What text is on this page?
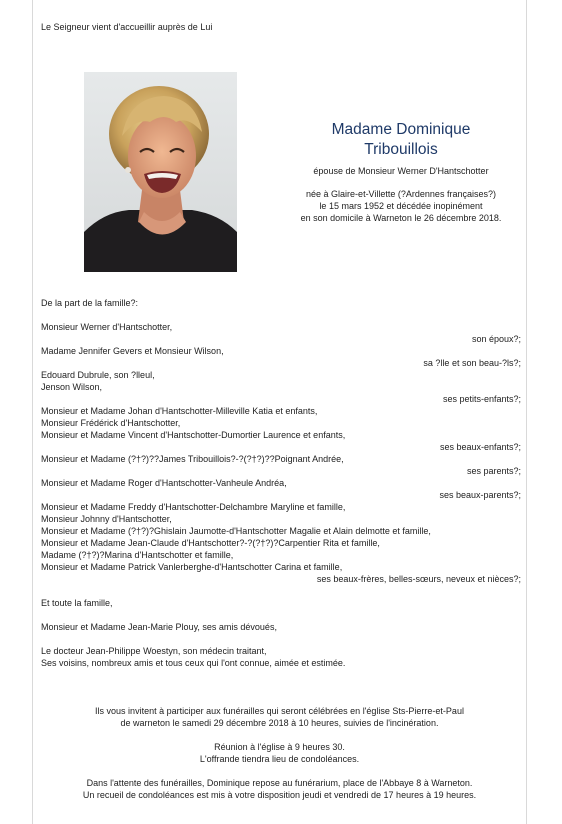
Le Seigneur vient d'accueillir auprès de Lui
Madame Dominique
Tribouillois
épouse de Monsieur Werner D'Hantschotter
née à Glaire-et-Villette (?Ardennes françaises?)
le 15 mars 1952 et décédée inopinément
en son domicile à Warneton le 26 décembre 2018.
De la part de la famille?:
Monsieur Werner d'Hantschotter,
son époux?;
Madame Jennifer Gevers et Monsieur Wilson,
sa ?lle et son beau-?ls?;
Edouard Dubrule, son ?lleul,
Jenson Wilson,
ses petits-enfants?;
Monsieur et Madame Johan d'Hantschotter-Milleville Katia et enfants,
Monsieur Frédérick d'Hantschotter,
Monsieur et Madame Vincent d'Hantschotter-Dumortier Laurence et enfants,
ses beaux-enfants?;
Monsieur et Madame (?†?)??James Tribouillois?-?(?†?)??Poignant Andrée,
ses parents?;
Monsieur et Madame Roger d'Hantschotter-Vanheule Andréa,
ses beaux-parents?;
Monsieur et Madame Freddy d'Hantschotter-Delchambre Maryline et famille,
Monsieur Johnny d'Hantschotter,
Monsieur et Madame (?†?)?Ghislain Jaumotte-d'Hantschotter Magalie et Alain delmotte et famille,
Monsieur et Madame Jean-Claude d'Hantschotter?-?(?†?)?Carpentier Rita et famille,
Madame (?†?)?Marina d'Hantschotter et famille,
Monsieur et Madame Patrick Vanlerberghe-d'Hantschotter Carina et famille,
ses beaux-frères, belles-sœurs, neveux et nièces?;
Et toute la famille,
Monsieur et Madame Jean-Marie Plouy, ses amis dévoués,
Le docteur Jean-Philippe Woestyn, son médecin traitant,
Ses voisins, nombreux amis et tous ceux qui l'ont connue, aimée et estimée.
Ils vous invitent à participer aux funérailles qui seront célébrées en l'église Sts-Pierre-et-Paul
de warneton le samedi 29 décembre 2018 à 10 heures, suivies de l'incinération.
Réunion à l'église à 9 heures 30.
L'offrande tiendra lieu de condoléances.
Dans l'attente des funérailles, Dominique repose au funérarium, place de l'Abbaye 8 à Warneton.
Un recueil de condoléances est mis à votre disposition jeudi et vendredi de 17 heures à 19 heures.
